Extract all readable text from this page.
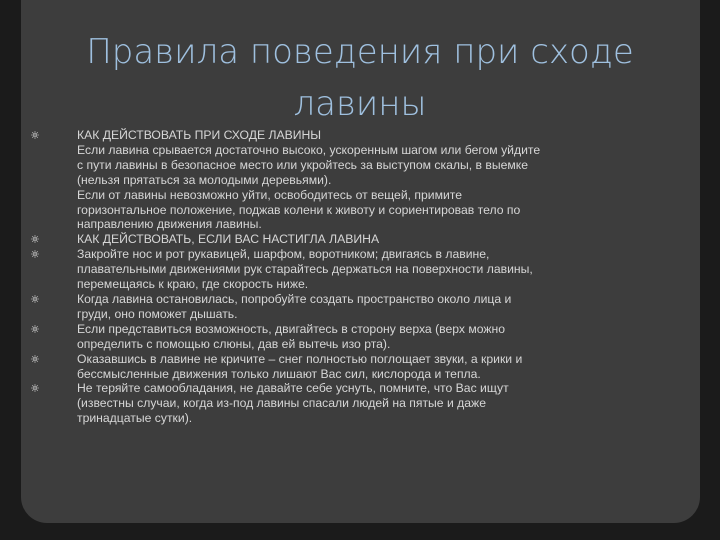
Правила поведения при сходе
лавины
КАК ДЕЙСТВОВАТЬ ПРИ СХОДЕ ЛАВИНЫ
Если лавина срывается достаточно высоко, ускоренным шагом или бегом уйдите
с пути лавины в безопасное место или укройтесь за выступом скалы, в выемке
(нельзя прятаться за молодыми деревьями).
Если от лавины невозможно уйти, освободитесь от вещей, примите
горизонтальное положение, поджав колени к животу и сориентировав тело по
направлению движения лавины.
КАК ДЕЙСТВОВАТЬ, ЕСЛИ ВАС НАСТИГЛА ЛАВИНА
Закройте нос и рот рукавицей, шарфом, воротником; двигаясь в лавине,
плавательными движениями рук старайтесь держаться на поверхности лавины,
перемещаясь к краю, где скорость ниже.
Когда лавина остановилась, попробуйте создать пространство около лица и
груди, оно поможет дышать.
Если представиться возможность, двигайтесь в сторону верха (верх можно
определить с помощью слюны, дав ей вытечь изо рта).
Оказавшись в лавине не кричите – снег полностью поглощает звуки, а крики и
бессмысленные движения только лишают Вас сил, кислорода и тепла.
Не теряйте самообладания, не давайте себе уснуть, помните, что Вас ищут
(известны случаи, когда из-под лавины спасали людей на пятые и даже
тринадцатые сутки).
